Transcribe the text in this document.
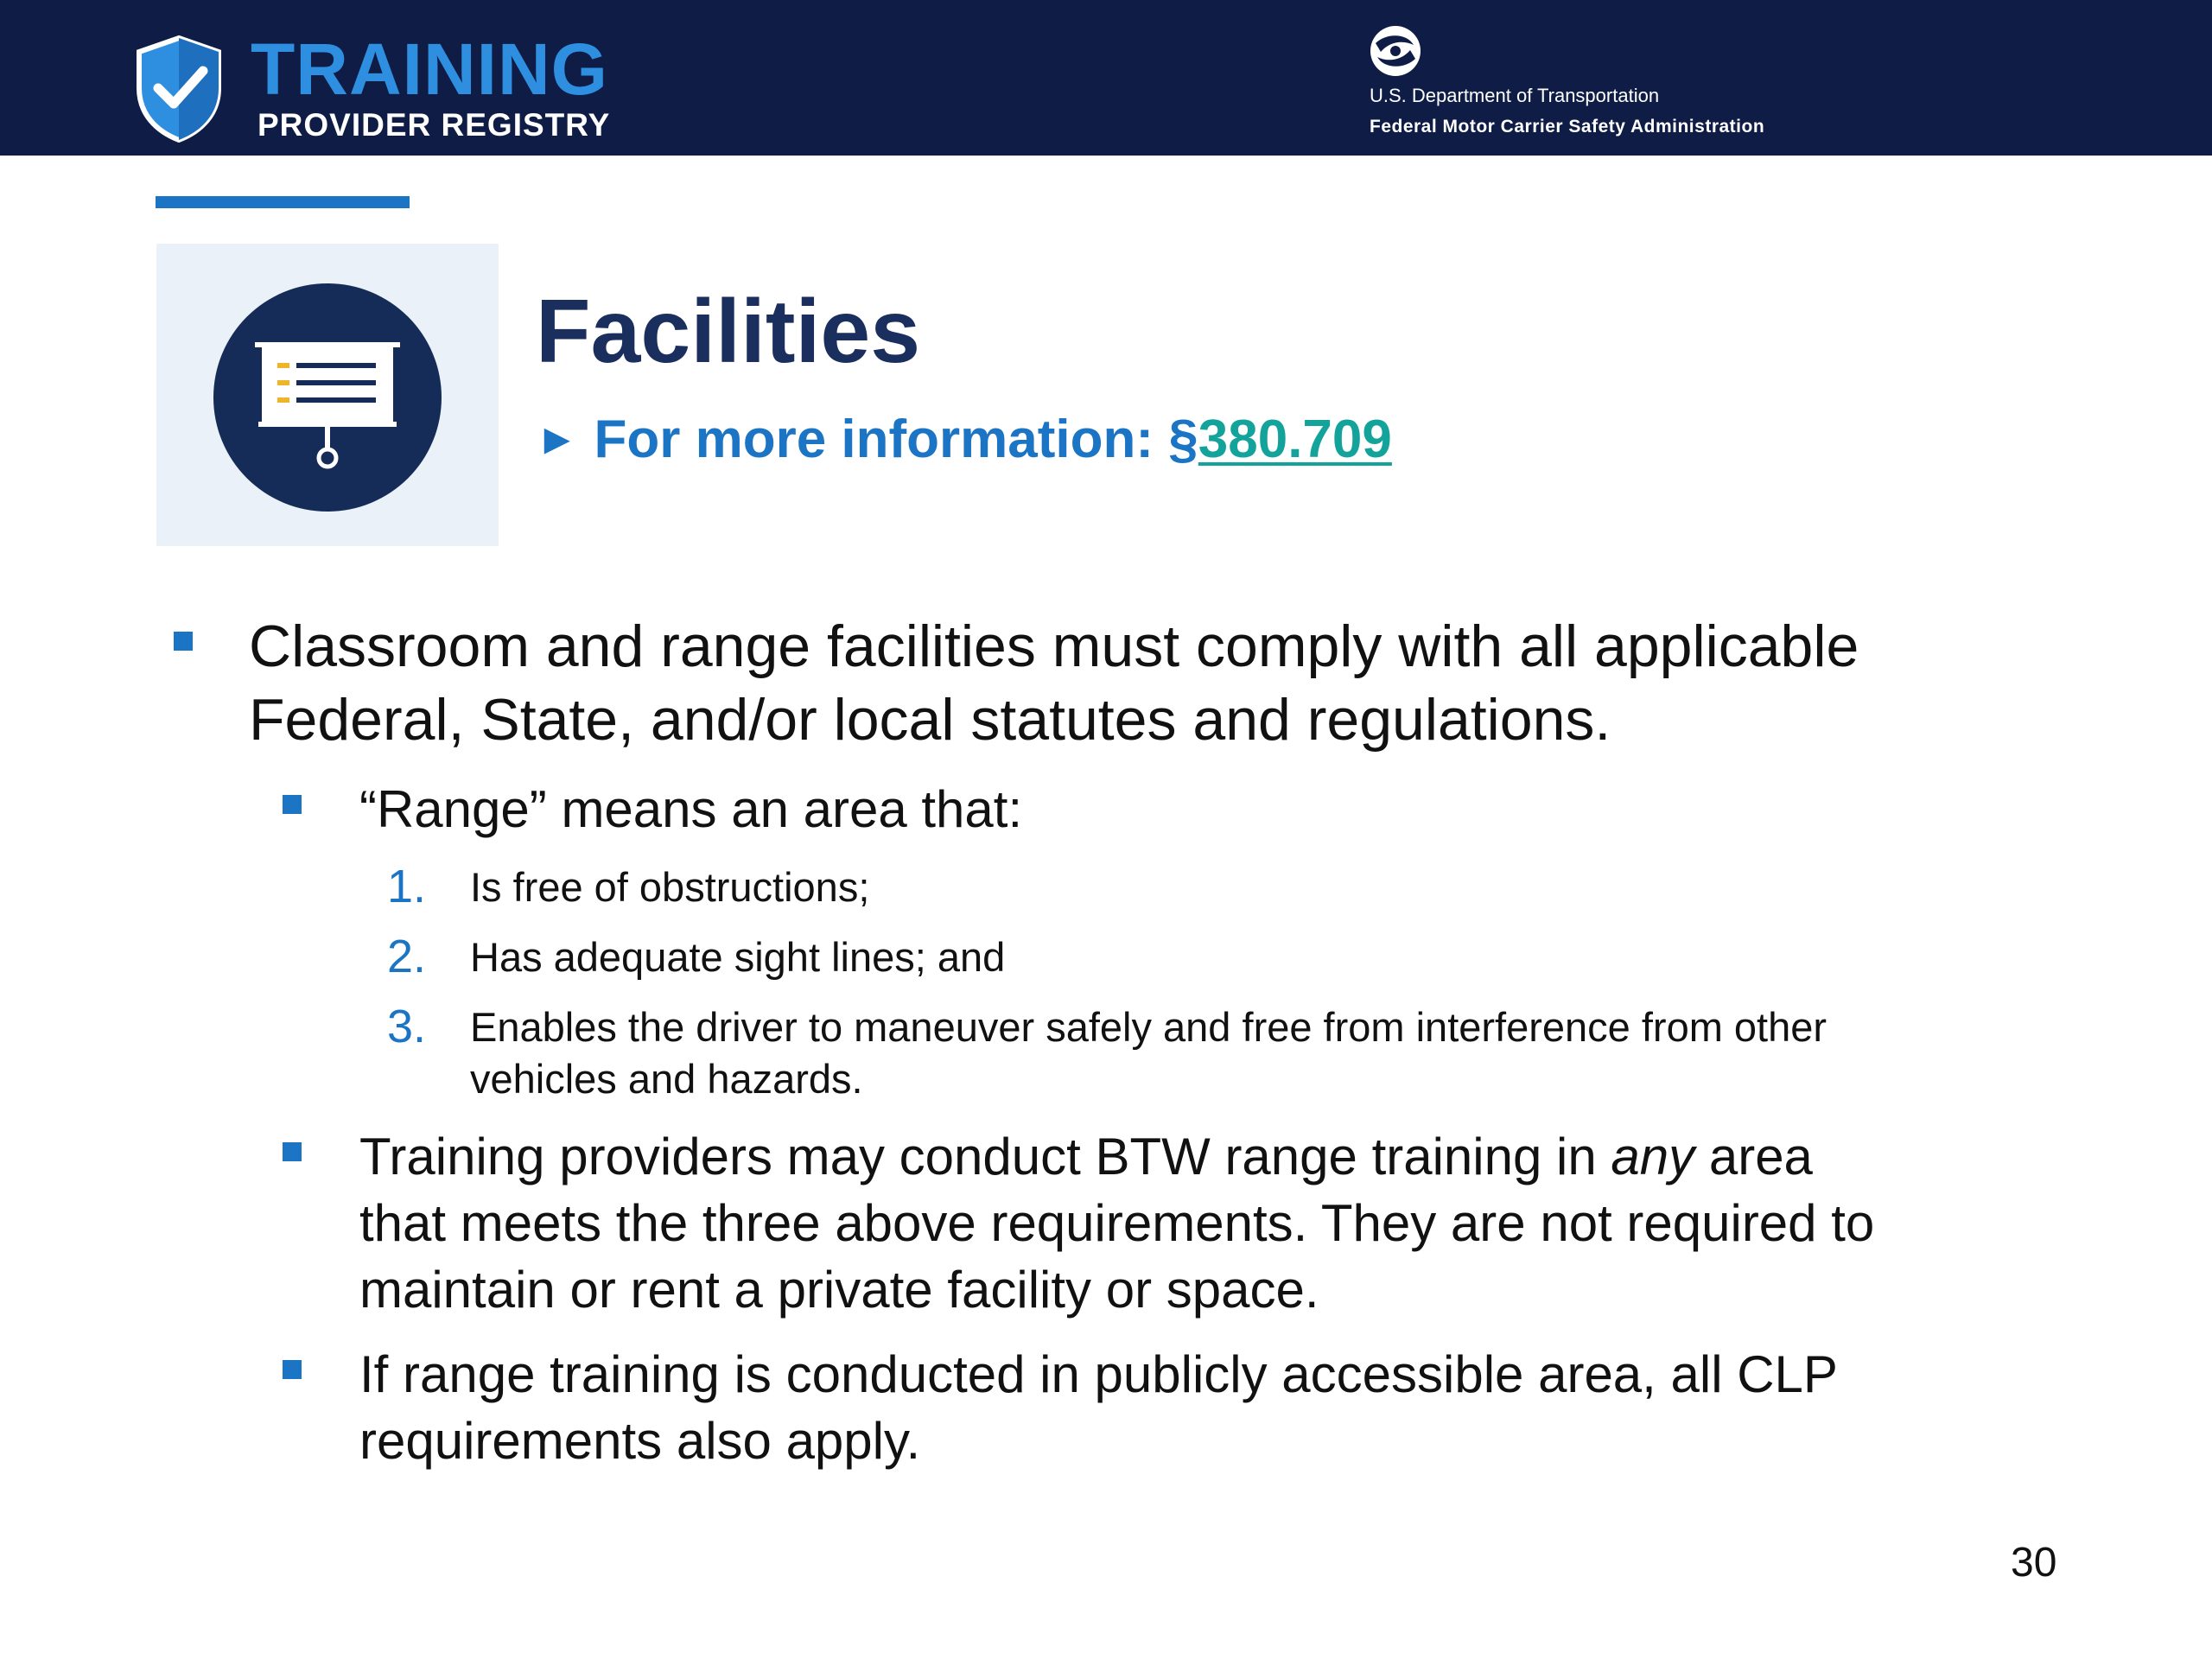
TRAINING
PROVIDER REGISTRY
U.S. Department of Transportation
Federal Motor Carrier Safety Administration
Facilities
► For more information: §380.709
Classroom and range facilities must comply with all applicable
Federal, State, and/or local statutes and regulations.
“Range” means an area that:
1. Is free of obstructions;
2. Has adequate sight lines; and
3. Enables the driver to maneuver safely and free from interference from other
vehicles and hazards.
Training providers may conduct BTW range training in any area
that meets the three above requirements. They are not required to
maintain or rent a private facility or space.
If range training is conducted in publicly accessible area, all CLP
requirements also apply.
30
